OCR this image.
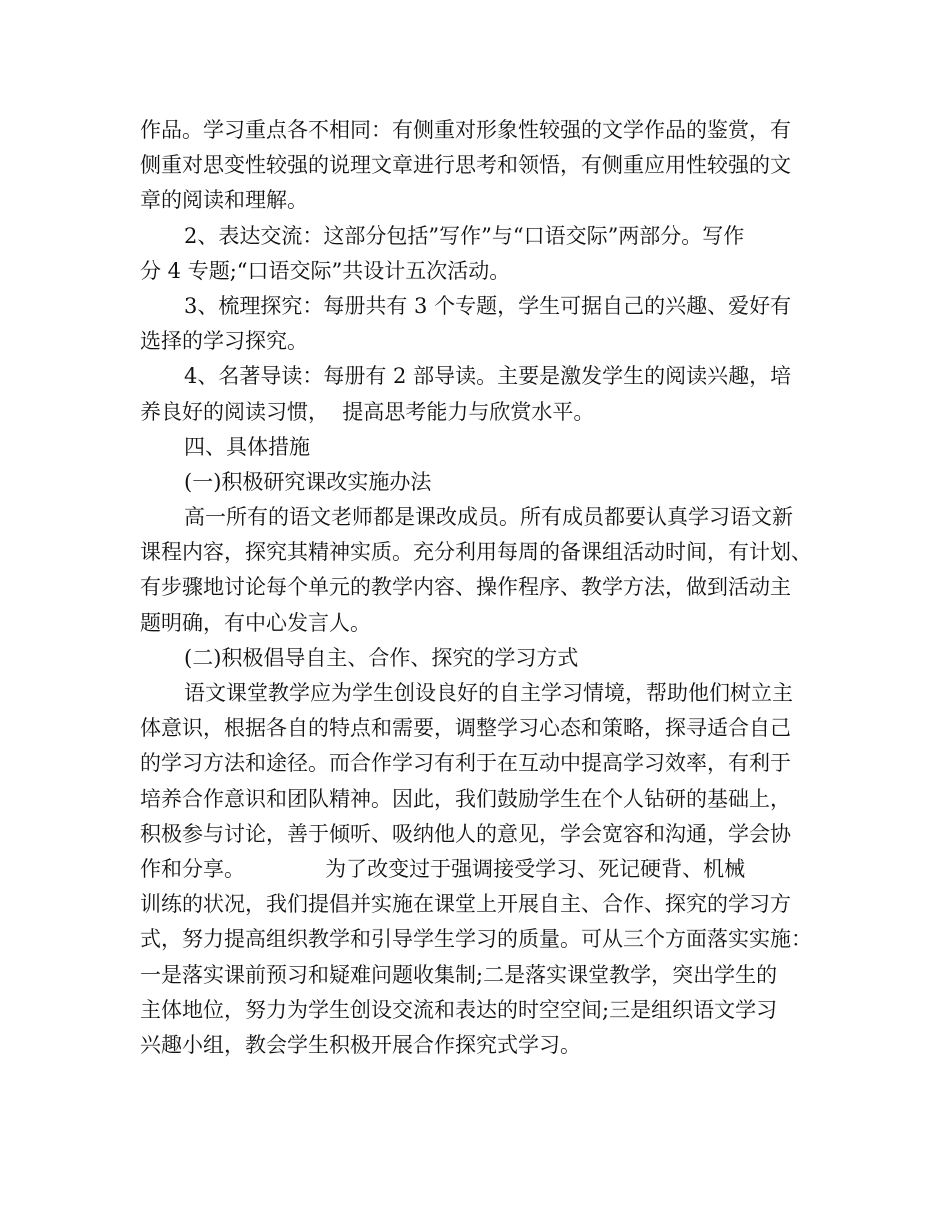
作品。学习重点各不相同：有侧重对形象性较强的文学作品的鉴赏，有
侧重对思变性较强的说理文章进行思考和领悟，有侧重应用性较强的文
章的阅读和理解。
2、表达交流：这部分包括”写作”与“口语交际”两部分。写作
分 4 专题;“口语交际”共设计五次活动。
3、梳理探究：每册共有 3 个专题，学生可据自己的兴趣、爱好有
选择的学习探究。
4、名著导读：每册有 2 部导读。主要是激发学生的阅读兴趣，培
养良好的阅读习惯，  提高思考能力与欣赏水平。
四、具体措施
(一)积极研究课改实施办法
高一所有的语文老师都是课改成员。所有成员都要认真学习语文新
课程内容，探究其精神实质。充分利用每周的备课组活动时间，有计划、
有步骤地讨论每个单元的教学内容、操作程序、教学方法，做到活动主
题明确，有中心发言人。
(二)积极倡导自主、合作、探究的学习方式
语文课堂教学应为学生创设良好的自主学习情境，帮助他们树立主
体意识，根据各自的特点和需要，调整学习心态和策略，探寻适合自己
的学习方法和途径。而合作学习有利于在互动中提高学习效率，有利于
培养合作意识和团队精神。因此，我们鼓励学生在个人钻研的基础上，
积极参与讨论，善于倾听、吸纳他人的意见，学会宽容和沟通，学会协
作和分享。            为了改变过于强调接受学习、死记硬背、机械
训练的状况，我们提倡并实施在课堂上开展自主、合作、探究的学习方
式，努力提高组织教学和引导学生学习的质量。可从三个方面落实实施：
一是落实课前预习和疑难问题收集制;二是落实课堂教学，突出学生的
主体地位，努力为学生创设交流和表达的时空空间;三是组织语文学习
兴趣小组，教会学生积极开展合作探究式学习。
